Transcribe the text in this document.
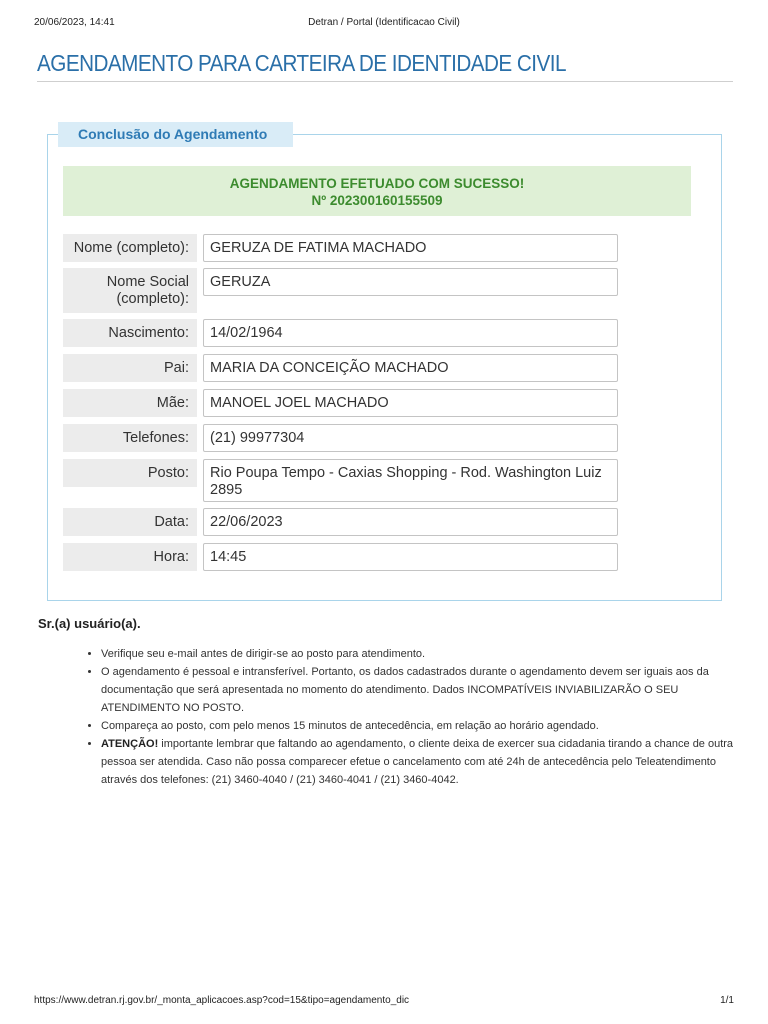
20/06/2023, 14:41	Detran / Portal (Identificacao Civil)
AGENDAMENTO PARA CARTEIRA DE IDENTIDADE CIVIL
Conclusão do Agendamento
AGENDAMENTO EFETUADO COM SUCESSO!
Nº 202300160155509
Nome (completo):	GERUZA DE FATIMA MACHADO
Nome Social (completo):
GERUZA
Nascimento:	14/02/1964
Pai:	MARIA DA CONCEIÇÃO MACHADO
Mãe:	MANOEL JOEL MACHADO
Telefones:	(21) 99977304
Posto:	Rio Poupa Tempo - Caxias Shopping - Rod. Washington Luiz 2895
Data:	22/06/2023
Hora:	14:45
Sr.(a) usuário(a).
• Verifique seu e-mail antes de dirigir-se ao posto para atendimento.
• O agendamento é pessoal e intransferível. Portanto, os dados cadastrados durante o agendamento devem ser iguais aos da documentação que será apresentada no momento do atendimento. Dados INCOMPATÍVEIS INVIABILIZARÃO O SEU ATENDIMENTO NO POSTO.
• Compareça ao posto, com pelo menos 15 minutos de antecedência, em relação ao horário agendado.
• ATENÇÃO! importante lembrar que faltando ao agendamento, o cliente deixa de exercer sua cidadania tirando a chance de outra pessoa ser atendida. Caso não possa comparecer efetue o cancelamento com até 24h de antecedência pelo Teleatendimento através dos telefones: (21) 3460-4040 / (21) 3460-4041 / (21) 3460-4042.
https://www.detran.rj.gov.br/_monta_aplicacoes.asp?cod=15&tipo=agendamento_dic	1/1
